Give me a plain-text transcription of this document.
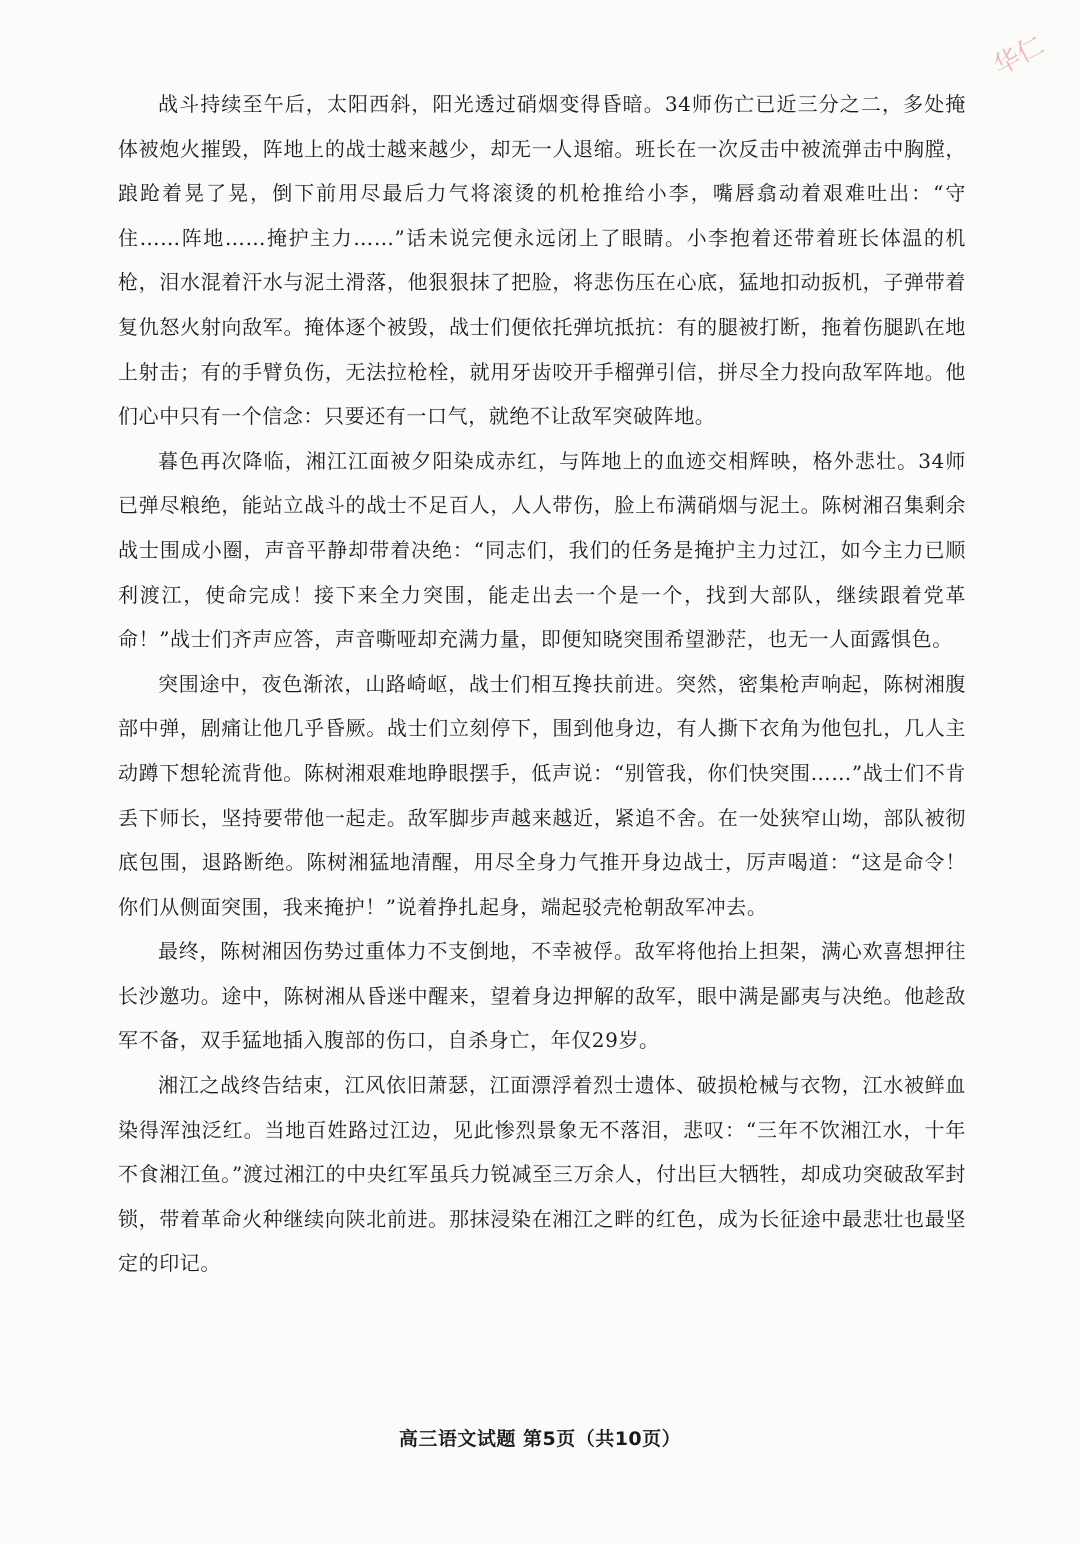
华仁

战斗持续至午后，太阳西斜，阳光透过硝烟变得昏暗。34师伤亡已近三分之二，多处掩体被炮火摧毁，阵地上的战士越来越少，却无一人退缩。班长在一次反击中被流弹击中胸膛，踉跄着晃了晃，倒下前用尽最后力气将滚烫的机枪推给小李，嘴唇翕动着艰难吐出：“守住……阵地……掩护主力……”话未说完便永远闭上了眼睛。小李抱着还带着班长体温的机枪，泪水混着汗水与泥土滑落，他狠狠抹了把脸，将悲伤压在心底，猛地扣动扳机，子弹带着复仇怒火射向敌军。掩体逐个被毁，战士们便依托弹坑抵抗：有的腿被打断，拖着伤腿趴在地上射击；有的手臂负伤，无法拉枪栓，就用牙齿咬开手榴弹引信，拼尽全力投向敌军阵地。他们心中只有一个信念：只要还有一口气，就绝不让敌军突破阵地。

暮色再次降临，湘江江面被夕阳染成赤红，与阵地上的血迹交相辉映，格外悲壮。34师已弹尽粮绝，能站立战斗的战士不足百人，人人带伤，脸上布满硝烟与泥土。陈树湘召集剩余战士围成小圈，声音平静却带着决绝：“同志们，我们的任务是掩护主力过江，如今主力已顺利渡江，使命完成！接下来全力突围，能走出去一个是一个，找到大部队，继续跟着党革命！”战士们齐声应答，声音嘶哑却充满力量，即便知晓突围希望渺茫，也无一人面露惧色。

突围途中，夜色渐浓，山路崎岖，战士们相互搀扶前进。突然，密集枪声响起，陈树湘腹部中弹，剧痛让他几乎昏厥。战士们立刻停下，围到他身边，有人撕下衣角为他包扎，几人主动蹲下想轮流背他。陈树湘艰难地睁眼摆手，低声说：“别管我，你们快突围……”战士们不肯丢下师长，坚持要带他一起走。敌军脚步声越来越近，紧追不舍。在一处狭窄山坳，部队被彻底包围，退路断绝。陈树湘猛地清醒，用尽全身力气推开身边战士，厉声喝道：“这是命令！你们从侧面突围，我来掩护！”说着挣扎起身，端起驳壳枪朝敌军冲去。

最终，陈树湘因伤势过重体力不支倒地，不幸被俘。敌军将他抬上担架，满心欢喜想押往长沙邀功。途中，陈树湘从昏迷中醒来，望着身边押解的敌军，眼中满是鄙夷与决绝。他趁敌军不备，双手猛地插入腹部的伤口，自杀身亡，年仅29岁。

湘江之战终告结束，江风依旧萧瑟，江面漂浮着烈士遗体、破损枪械与衣物，江水被鲜血染得浑浊泛红。当地百姓路过江边，见此惨烈景象无不落泪，悲叹：“三年不饮湘江水，十年不食湘江鱼。”渡过湘江的中央红军虽兵力锐减至三万余人，付出巨大牺牲，却成功突破敌军封锁，带着革命火种继续向陕北前进。那抹浸染在湘江之畔的红色，成为长征途中最悲壮也最坚定的印记。

高三语文试题 第5页（共10页）
